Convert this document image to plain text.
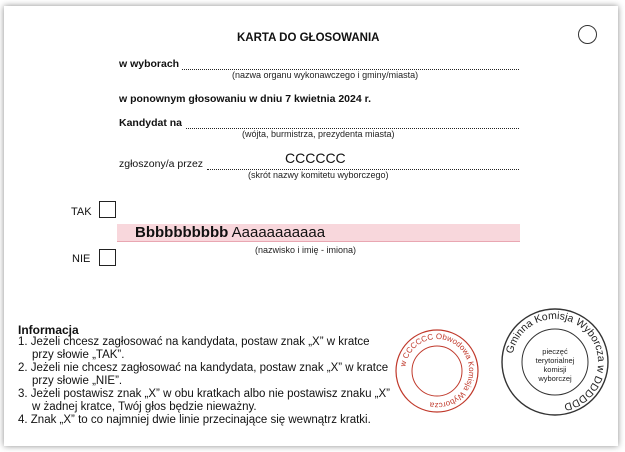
KARTA DO GŁOSOWANIA
w wyborach
(nazwa organu wykonawczego i gminy/miasta)
w ponownym głosowaniu w dniu 7 kwietnia 2024 r.
Kandydat na
(wójta, burmistrza, prezydenta miasta)
zgłoszony/a przez	CCCCCC
(skrót nazwy komitetu wyborczego)
TAK
NIE
Bbbbbbbbbb Aaaaaaaaaaa
(nazwisko i imię - imiona)
Informacja
1. Jeżeli chcesz zagłosować na kandydata, postaw znak „X” w kratce
przy słowie „TAK”.
2. Jeżeli nie chcesz zagłosować na kandydata, postaw znak „X” w kratce
przy słowie „NIE”.
3. Jeżeli postawisz znak „X” w obu kratkach albo nie postawisz znaku „X”
w żadnej kratce, Twój głos będzie nieważny.
4. Znak „X” to co najmniej dwie linie przecinające się wewnątrz kratki.
w CCCCCC Obwodowa Komisja Wyborcza
Gminna Komisja Wyborcza w DDDDDD
pieczęć
terytorialnej
komisji
wyborczej
